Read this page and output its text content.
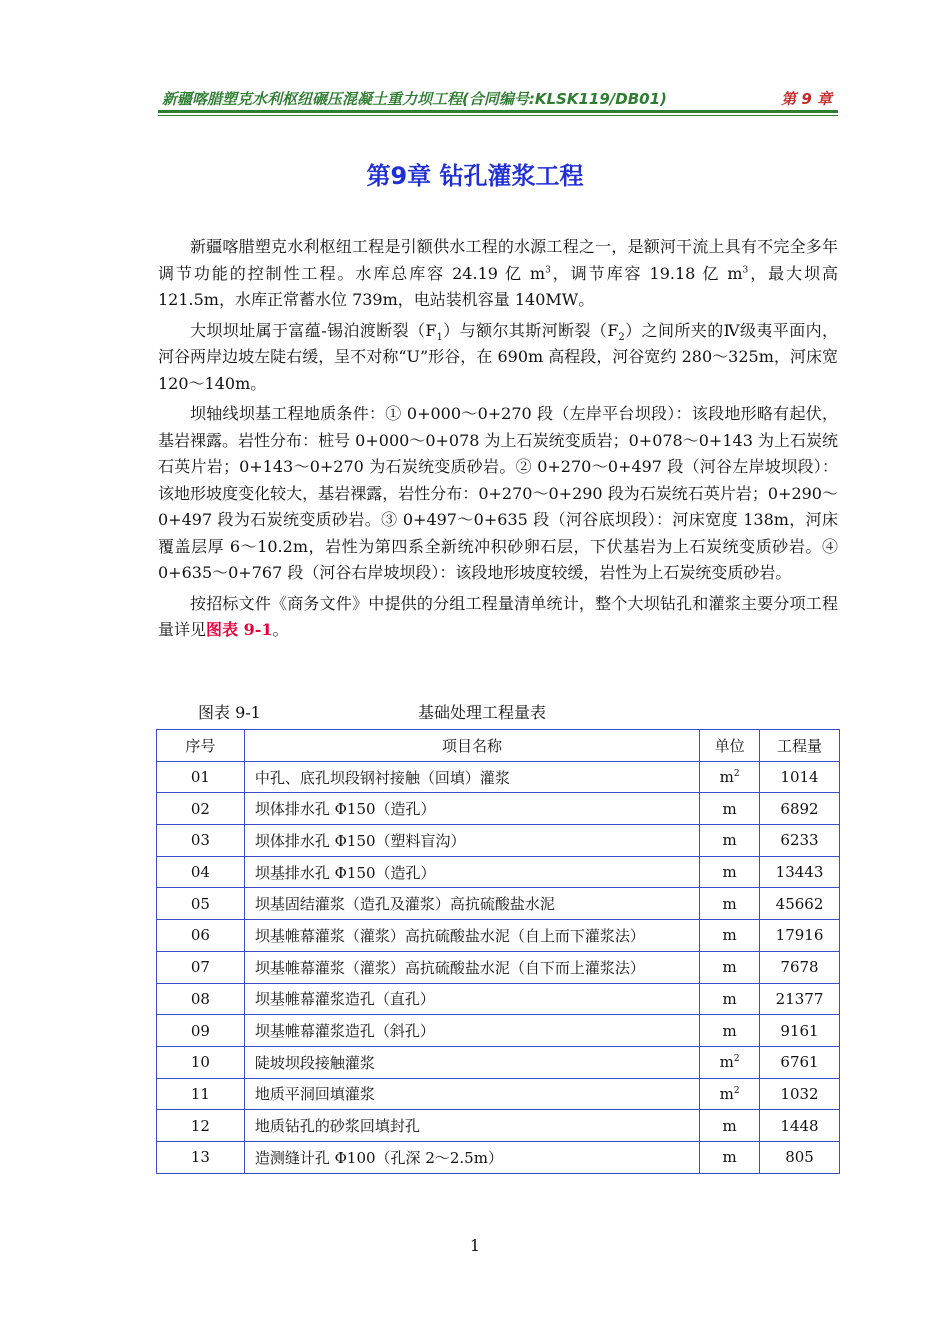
新疆喀腊塑克水利枢纽碾压混凝土重力坝工程(合同编号:KLSK119/DB01)	第 9 章
第9章 钻孔灌浆工程

新疆喀腊塑克水利枢纽工程是引额供水工程的水源工程之一，是额河干流上具有不完全多年调节功能的控制性工程。水库总库容 24.19 亿 $m^3$，调节库容 19.18 亿 $m^3$，最大坝高 121.5m，水库正常蓄水位 739m，电站装机容量 140MW。

大坝坝址属于富蕴-锡泊渡断裂$(F_1)$与额尔其斯河断裂$(F_2)$之间所夹的Ⅳ级夷平面内，河谷两岸边坡左陡右缓，呈不对称“U”形谷，在 690m 高程段，河谷宽约 280～325m，河床宽 120～140m。

坝轴线坝基工程地质条件：① 0+000～0+270 段（左岸平台坝段）：该段地形略有起伏，基岩裸露。岩性分布：桩号 0+000～0+078 为上石炭统变质岩；0+078～0+143 为上石炭统石英片岩；0+143～0+270 为石炭统变质砂岩。② 0+270～0+497 段（河谷左岸坡坝段）：该地形坡度变化较大，基岩裸露，岩性分布：0+270～0+290 段为石炭统石英片岩；0+290～0+497 段为石炭统变质砂岩。③ 0+497～0+635 段（河谷底坝段）：河床宽度 138m，河床覆盖层厚 6～10.2m，岩性为第四系全新统冲积砂卵石层，下伏基岩为上石炭统变质砂岩。④ 0+635～0+767 段（河谷右岸坡坝段）：该段地形坡度较缓，岩性为上石炭统变质砂岩。

按招标文件《商务文件》中提供的分组工程量清单统计，整个大坝钻孔和灌浆主要分项工程量详见图表 9-1。

图表 9-1	基础处理工程量表
序号	项目名称	单位	工程量
01	中孔、底孔坝段钢衬接触（回填）灌浆	$m^2$	1014
02	坝体排水孔 Φ150（造孔）	m	6892
03	坝体排水孔 Φ150（塑料盲沟）	m	6233
04	坝基排水孔 Φ150（造孔）	m	13443
05	坝基固结灌浆（造孔及灌浆）高抗硫酸盐水泥	m	45662
06	坝基帷幕灌浆（灌浆）高抗硫酸盐水泥（自上而下灌浆法）	m	17916
07	坝基帷幕灌浆（灌浆）高抗硫酸盐水泥（自下而上灌浆法）	m	7678
08	坝基帷幕灌浆造孔（直孔）	m	21377
09	坝基帷幕灌浆造孔（斜孔）	m	9161
10	陡坡坝段接触灌浆	$m^2$	6761
11	地质平洞回填灌浆	$m^2$	1032
12	地质钻孔的砂浆回填封孔	m	1448
13	造测缝计孔 Φ100（孔深 2～2.5m）	m	805
1
